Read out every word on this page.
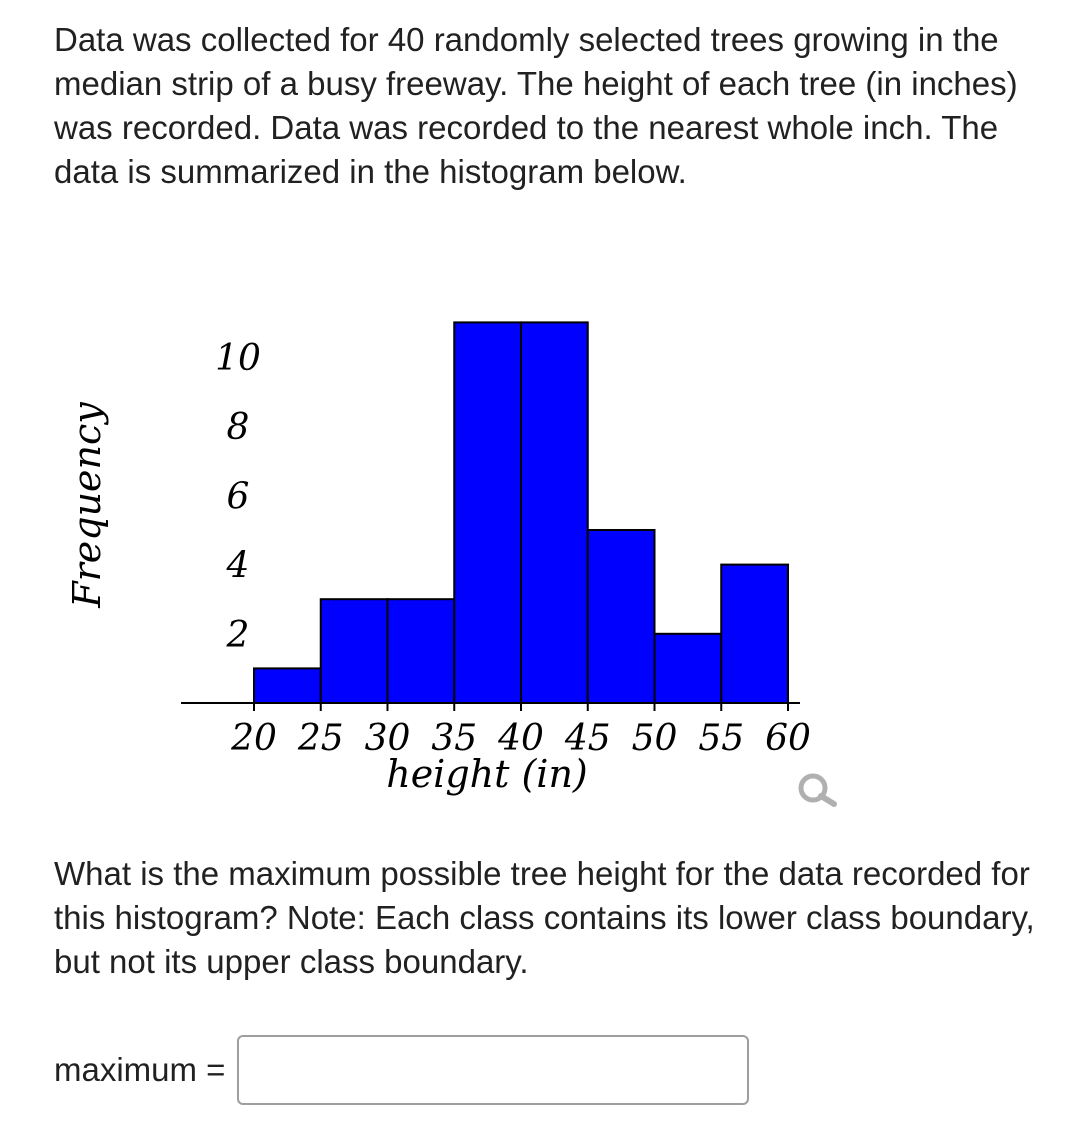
Data was collected for 40 randomly selected trees growing in the median strip of a busy freeway. The height of each tree (in inches) was recorded. Data was recorded to the nearest whole inch. The data is summarized in the histogram below.

Frequency
2
4
6
8
10
20 25 30 35 40 45 50 55 60
height (in)

What is the maximum possible tree height for the data recorded for this histogram? Note: Each class contains its lower class boundary, but not its upper class boundary.

maximum =
